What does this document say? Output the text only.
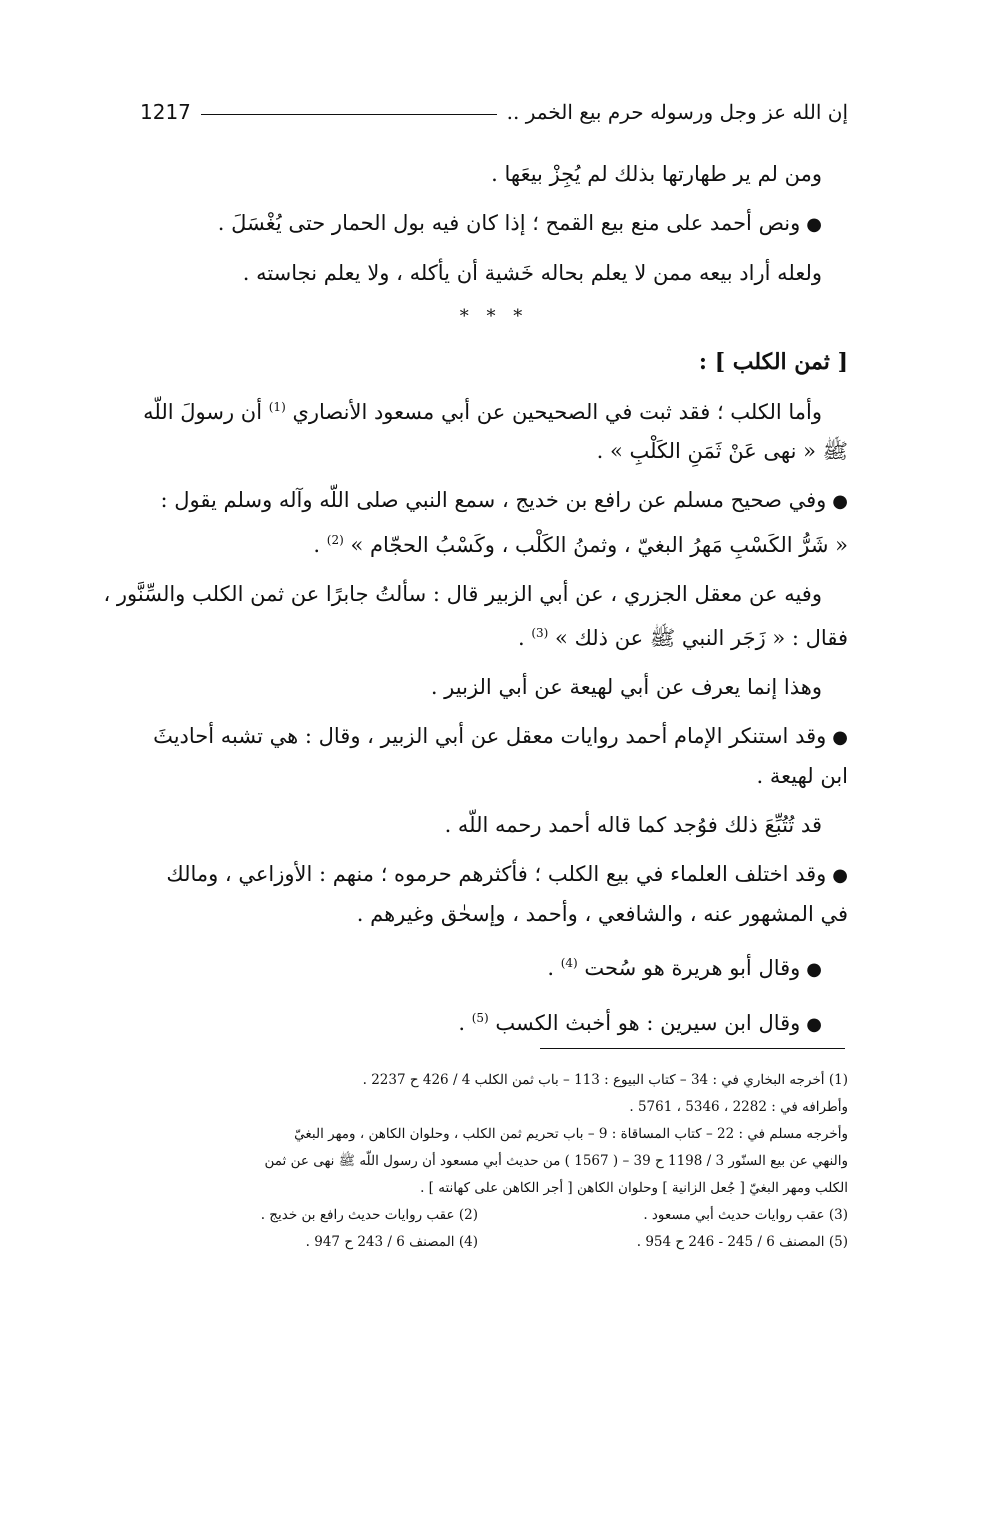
إن الله عز وجل ورسوله حرم بيع الخمر ..
1217
ومن لم ير طهارتها بذلك لم يُجِزْ بيعَها .
●ونص أحمد على منع بيع القمح ؛ إذا كان فيه بول الحمار حتى يُغْسَلَ .
ولعله أراد بيعه ممن لا يعلم بحاله خَشية أن يأكله ، ولا يعلم نجاسته .
* * *
[ ثمن الكلب ] :
وأما الكلب ؛ فقد ثبت في الصحيحين عن أبي مسعود الأنصاري $^{(1)}$ أن رسولَ اللّه
ﷺ « نهى عَنْ ثَمَنِ الكَلْبِ » .
●وفي صحيح مسلم عن رافع بن خديج ، سمع النبي صلى اللّه وآله وسلم يقول :
« شَرُّ الكَسْبِ مَهرُ البغيّ ، وثمنُ الكَلْب ، وكَسْبُ الحجّام » $^{(2)}$ .
وفيه عن معقل الجزري ، عن أبي الزبير قال : سألتُ جابرًا عن ثمن الكلب والسِّنَّور ،
فقال : « زَجَر النبي ﷺ عن ذلك » $^{(3)}$ .
وهذا إنما يعرف عن أبي لهيعة عن أبي الزبير .
●وقد استنكر الإمام أحمد روايات معقل عن أبي الزبير ، وقال : هي تشبه أحاديثَ
ابن لهيعة .
قد تُتُبِّعَ ذلك فوُجد كما قاله أحمد رحمه اللّه .
●وقد اختلف العلماء في بيع الكلب ؛ فأكثرهم حرموه ؛ منهم : الأوزاعي ، ومالك
في المشهور عنه ، والشافعي ، وأحمد ، وإسحٰق وغيرهم .
●وقال أبو هريرة هو سُحت $^{(4)}$ .
●وقال ابن سيرين : هو أخبث الكسب $^{(5)}$ .
(1) أخرجه البخاري في : 34 – كتاب البيوع : 113 – باب ثمن الكلب 4 / 426 ح 2237 .
وأطرافه في : 2282 ، 5346 ، 5761 .
وأخرجه مسلم في : 22 – كتاب المساقاة : 9 – باب تحريم ثمن الكلب ، وحلوان الكاهن ، ومهر البغيّ
والنهي عن بيع السنّور 3 / 1198 ح 39 – ( 1567 ) من حديث أبي مسعود أن رسول اللّه ﷺ نهى عن ثمن
الكلب ومهر البغيّ [ جُعل الزانية ] وحلوان الكاهن [ أجر الكاهن على كهانته ] .
(3) عقب روايات حديث أبي مسعود .
(2) عقب روايات حديث رافع بن خديج .
(5) المصنف 6 / 245 - 246 ح 954 .
(4) المصنف 6 / 243 ح 947 .
